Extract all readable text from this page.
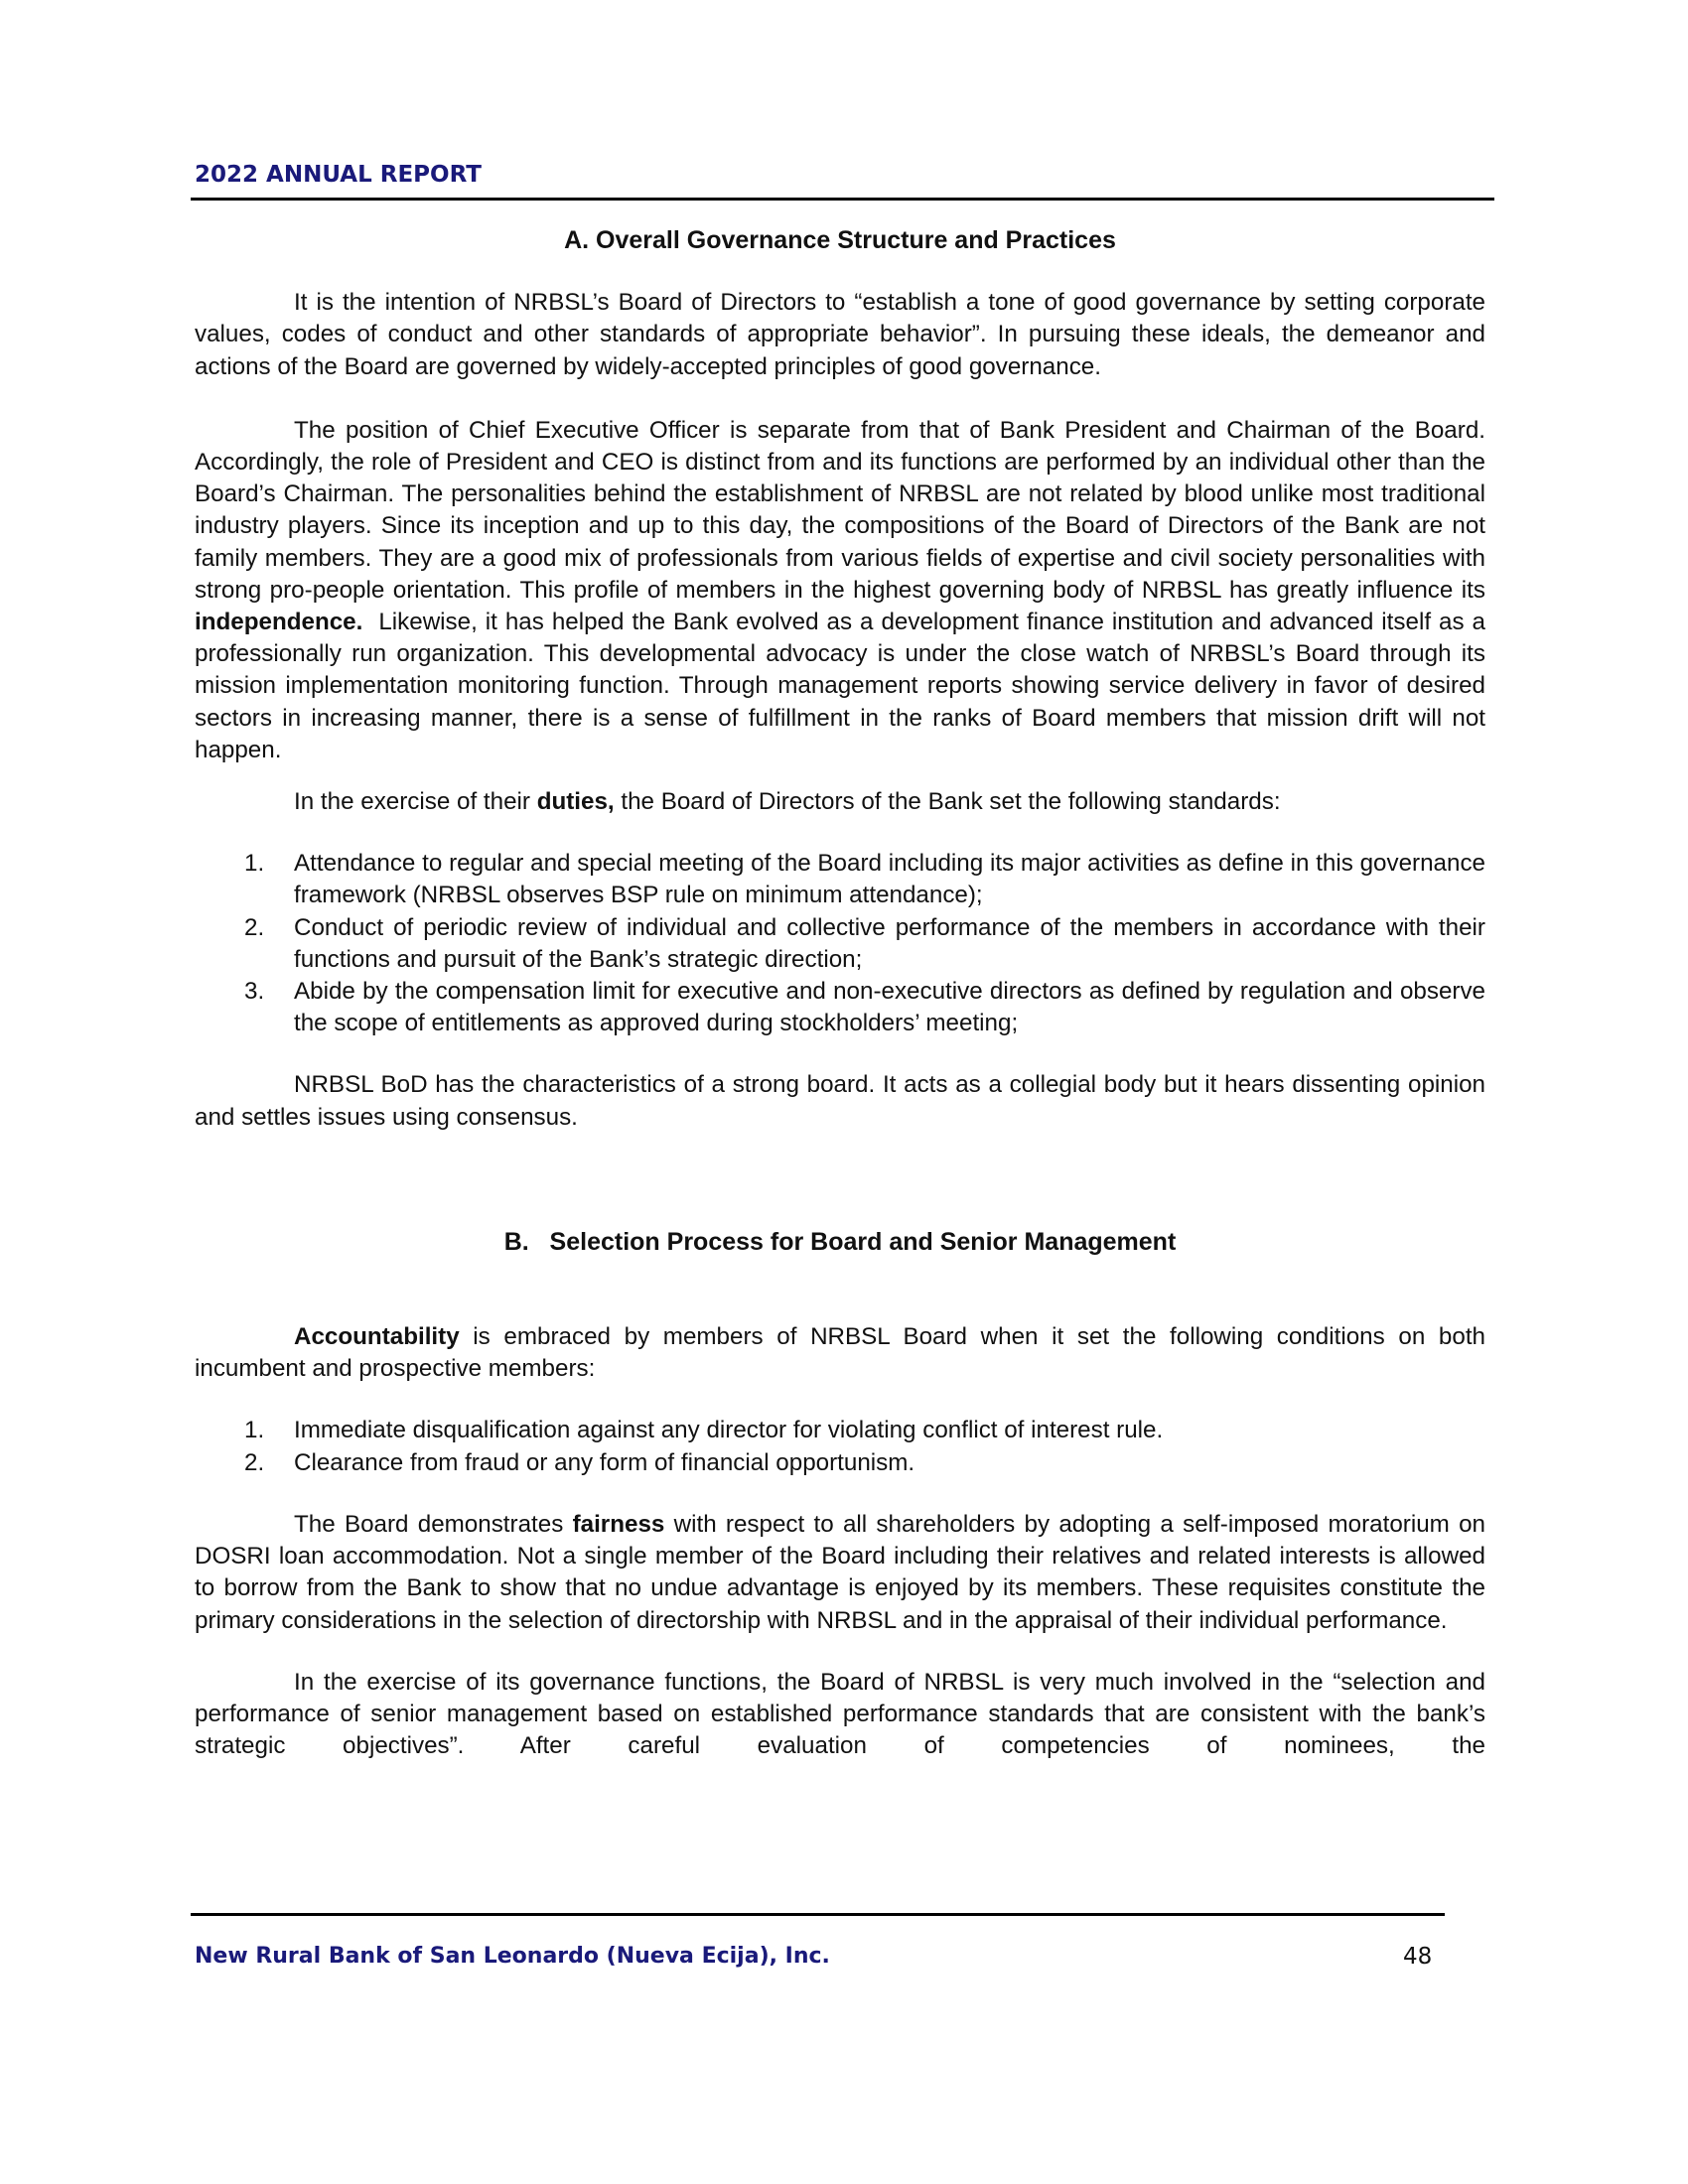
2022 ANNUAL REPORT
A. Overall Governance Structure and Practices

It is the intention of NRBSL’s Board of Directors to “establish a tone of good governance by setting corporate values, codes of conduct and other standards of appropriate behavior”. In pursuing these ideals, the demeanor and actions of the Board are governed by widely-accepted principles of good governance.

The position of Chief Executive Officer is separate from that of Bank President and Chairman of the Board. Accordingly, the role of President and CEO is distinct from and its functions are performed by an individual other than the Board’s Chairman. The personalities behind the establishment of NRBSL are not related by blood unlike most traditional industry players. Since its inception and up to this day, the compositions of the Board of Directors of the Bank are not family members. They are a good mix of professionals from various fields of expertise and civil society personalities with strong pro-people orientation. This profile of members in the highest governing body of NRBSL has greatly influence its independence.  Likewise, it has helped the Bank evolved as a development finance institution and advanced itself as a professionally run organization. This developmental advocacy is under the close watch of NRBSL’s Board through its mission implementation monitoring function. Through management reports showing service delivery in favor of desired sectors in increasing manner, there is a sense of fulfillment in the ranks of Board members that mission drift will not happen.

In the exercise of their duties, the Board of Directors of the Bank set the following standards:

1. Attendance to regular and special meeting of the Board including its major activities as define in this governance framework (NRBSL observes BSP rule on minimum attendance);
2. Conduct of periodic review of individual and collective performance of the members in accordance with their functions and pursuit of the Bank’s strategic direction;
3. Abide by the compensation limit for executive and non-executive directors as defined by regulation and observe the scope of entitlements as approved during stockholders’ meeting;

NRBSL BoD has the characteristics of a strong board. It acts as a collegial body but it hears dissenting opinion and settles issues using consensus.

B.   Selection Process for Board and Senior Management

Accountability is embraced by members of NRBSL Board when it set the following conditions on both incumbent and prospective members:

1. Immediate disqualification against any director for violating conflict of interest rule.
2. Clearance from fraud or any form of financial opportunism.

The Board demonstrates fairness with respect to all shareholders by adopting a self-imposed moratorium on DOSRI loan accommodation. Not a single member of the Board including their relatives and related interests is allowed to borrow from the Bank to show that no undue advantage is enjoyed by its members. These requisites constitute the primary considerations in the selection of directorship with NRBSL and in the appraisal of their individual performance.

In the exercise of its governance functions, the Board of NRBSL is very much involved in the “selection and performance of senior management based on established performance standards that are consistent with the bank’s strategic objectives”. After careful evaluation of competencies of nominees, the

New Rural Bank of San Leonardo (Nueva Ecija), Inc.	48
